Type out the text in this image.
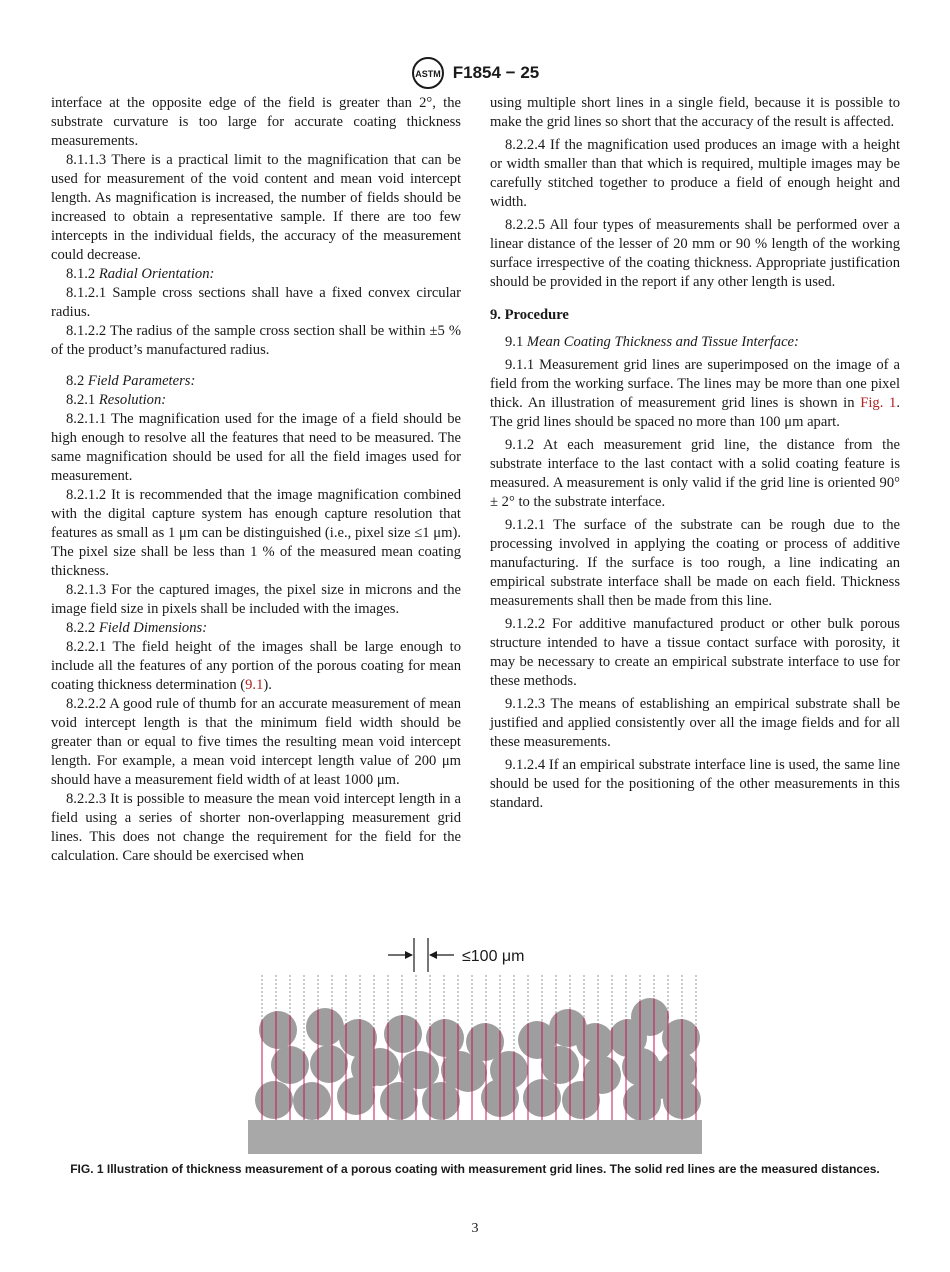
ASTM F1854 − 25

interface at the opposite edge of the field is greater than 2°, the substrate curvature is too large for accurate coating thickness measurements.

8.1.1.3 There is a practical limit to the magnification that can be used for measurement of the void content and mean void intercept length. As magnification is increased, the number of fields should be increased to obtain a representative sample. If there are too few intercepts in the individual fields, the accuracy of the measurement could decrease.

8.1.2 Radial Orientation:

8.1.2.1 Sample cross sections shall have a fixed convex circular radius.

8.1.2.2 The radius of the sample cross section shall be within ±5 % of the product’s manufactured radius.

8.2 Field Parameters:

8.2.1 Resolution:

8.2.1.1 The magnification used for the image of a field should be high enough to resolve all the features that need to be measured. The same magnification should be used for all the field images used for measurement.

8.2.1.2 It is recommended that the image magnification combined with the digital capture system has enough capture resolution that features as small as 1 μm can be distinguished (i.e., pixel size ≤1 μm). The pixel size shall be less than 1 % of the measured mean coating thickness.

8.2.1.3 For the captured images, the pixel size in microns and the image field size in pixels shall be included with the images.

8.2.2 Field Dimensions:

8.2.2.1 The field height of the images shall be large enough to include all the features of any portion of the porous coating for mean coating thickness determination (9.1).

8.2.2.2 A good rule of thumb for an accurate measurement of mean void intercept length is that the minimum field width should be greater than or equal to five times the resulting mean void intercept length. For example, a mean void intercept length value of 200 μm should have a measurement field width of at least 1000 μm.

8.2.2.3 It is possible to measure the mean void intercept length in a field using a series of shorter non-overlapping measurement grid lines. This does not change the requirement for the field for the calculation. Care should be exercised when

using multiple short lines in a single field, because it is possible to make the grid lines so short that the accuracy of the result is affected.

8.2.2.4 If the magnification used produces an image with a height or width smaller than that which is required, multiple images may be carefully stitched together to produce a field of enough height and width.

8.2.2.5 All four types of measurements shall be performed over a linear distance of the lesser of 20 mm or 90 % length of the working surface irrespective of the coating thickness. Appropriate justification should be provided in the report if any other length is used.

9. Procedure

9.1 Mean Coating Thickness and Tissue Interface:

9.1.1 Measurement grid lines are superimposed on the image of a field from the working surface. The lines may be more than one pixel thick. An illustration of measurement grid lines is shown in Fig. 1. The grid lines should be spaced no more than 100 μm apart.

9.1.2 At each measurement grid line, the distance from the substrate interface to the last contact with a solid coating feature is measured. A measurement is only valid if the grid line is oriented 90° ± 2° to the substrate interface.

9.1.2.1 The surface of the substrate can be rough due to the processing involved in applying the coating or process of additive manufacturing. If the surface is too rough, a line indicating an empirical substrate interface shall be made on each field. Thickness measurements shall then be made from this line.

9.1.2.2 For additive manufactured product or other bulk porous structure intended to have a tissue contact surface with porosity, it may be necessary to create an empirical substrate interface to use for these methods.

9.1.2.3 The means of establishing an empirical substrate shall be justified and applied consistently over all the image fields and for all these measurements.

9.1.2.4 If an empirical substrate interface line is used, the same line should be used for the positioning of the other measurements in this standard.

≤100 μm
FIG. 1 Illustration of thickness measurement of a porous coating with measurement grid lines. The solid red lines are the measured distances.
3
